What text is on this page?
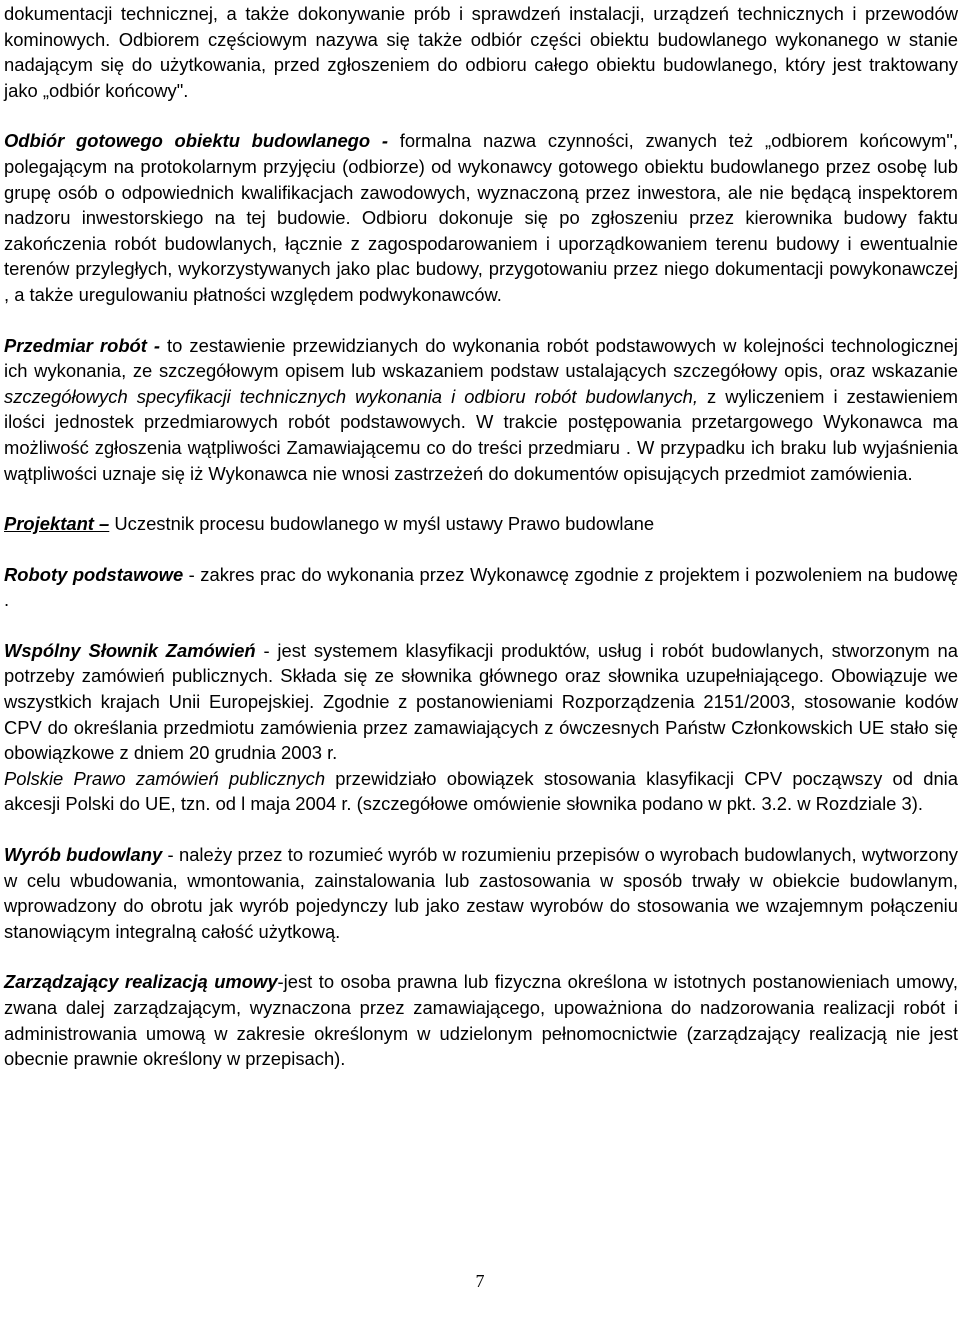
dokumentacji technicznej, a także dokonywanie prób i sprawdzeń instalacji, urządzeń technicznych i przewodów kominowych. Odbiorem częściowym nazywa się także odbiór części obiektu budowlanego wykonanego w stanie nadającym się do użytkowania, przed zgłoszeniem do odbioru całego obiektu budowlanego, który jest traktowany jako „odbiór końcowy".

Odbiór gotowego obiektu budowlanego - formalna nazwa czynności, zwanych też „odbiorem końcowym", polegającym na protokolarnym przyjęciu (odbiorze) od wykonawcy gotowego obiektu budowlanego przez osobę lub grupę osób o odpowiednich kwalifikacjach zawodowych, wyznaczoną przez inwestora, ale nie będącą inspektorem nadzoru inwestorskiego na tej budowie. Odbioru dokonuje się po zgłoszeniu przez kierownika budowy faktu zakończenia robót budowlanych, łącznie z zagospodarowaniem i uporządkowaniem terenu budowy i ewentualnie terenów przyległych, wykorzystywanych jako plac budowy, przygotowaniu przez niego dokumentacji powykonawczej , a także uregulowaniu płatności względem podwykonawców.

Przedmiar robót - to zestawienie przewidzianych do wykonania robót podstawowych w kolejności technologicznej ich wykonania, ze szczegółowym opisem lub wskazaniem podstaw ustalających szczegółowy opis, oraz wskazanie szczegółowych specyfikacji technicznych wykonania i odbioru robót budowlanych, z wyliczeniem i zestawieniem ilości jednostek przedmiarowych robót podstawowych. W trakcie postępowania przetargowego Wykonawca ma możliwość zgłoszenia wątpliwości Zamawiającemu co do treści przedmiaru . W przypadku ich braku lub wyjaśnienia wątpliwości uznaje się iż Wykonawca nie wnosi zastrzeżeń do dokumentów opisujących przedmiot zamówienia.

Projektant – Uczestnik procesu budowlanego w myśl ustawy Prawo budowlane

Roboty podstawowe - zakres prac do wykonania przez Wykonawcę zgodnie z projektem i pozwoleniem na budowę .

Wspólny Słownik Zamówień - jest systemem klasyfikacji produktów, usług i robót budowlanych, stworzonym na potrzeby zamówień publicznych. Składa się ze słownika głównego oraz słownika uzupełniającego. Obowiązuje we wszystkich krajach Unii Europejskiej. Zgodnie z postanowieniami Rozporządzenia 2151/2003, stosowanie kodów CPV do określania przedmiotu zamówienia przez zamawiających z ówczesnych Państw Członkowskich UE stało się obowiązkowe z dniem 20 grudnia 2003 r.

Polskie Prawo zamówień publicznych przewidziało obowiązek stosowania klasyfikacji CPV począwszy od dnia akcesji Polski do UE, tzn. od l maja 2004 r. (szczegółowe omówienie słownika podano w pkt. 3.2. w Rozdziale 3).

Wyrób budowlany - należy przez to rozumieć wyrób w rozumieniu przepisów o wyrobach budowlanych, wytworzony w celu wbudowania, wmontowania, zainstalowania lub zastosowania w sposób trwały w obiekcie budowlanym, wprowadzony do obrotu jak wyrób pojedynczy lub jako zestaw wyrobów do stosowania we wzajemnym połączeniu stanowiącym integralną całość użytkową.

Zarządzający realizacją umowy-jest to osoba prawna lub fizyczna określona w istotnych postanowieniach umowy, zwana dalej zarządzającym, wyznaczona przez zamawiającego, upoważniona do nadzorowania realizacji robót i administrowania umową w zakresie określonym w udzielonym pełnomocnictwie (zarządzający realizacją nie jest obecnie prawnie określony w przepisach).

7
